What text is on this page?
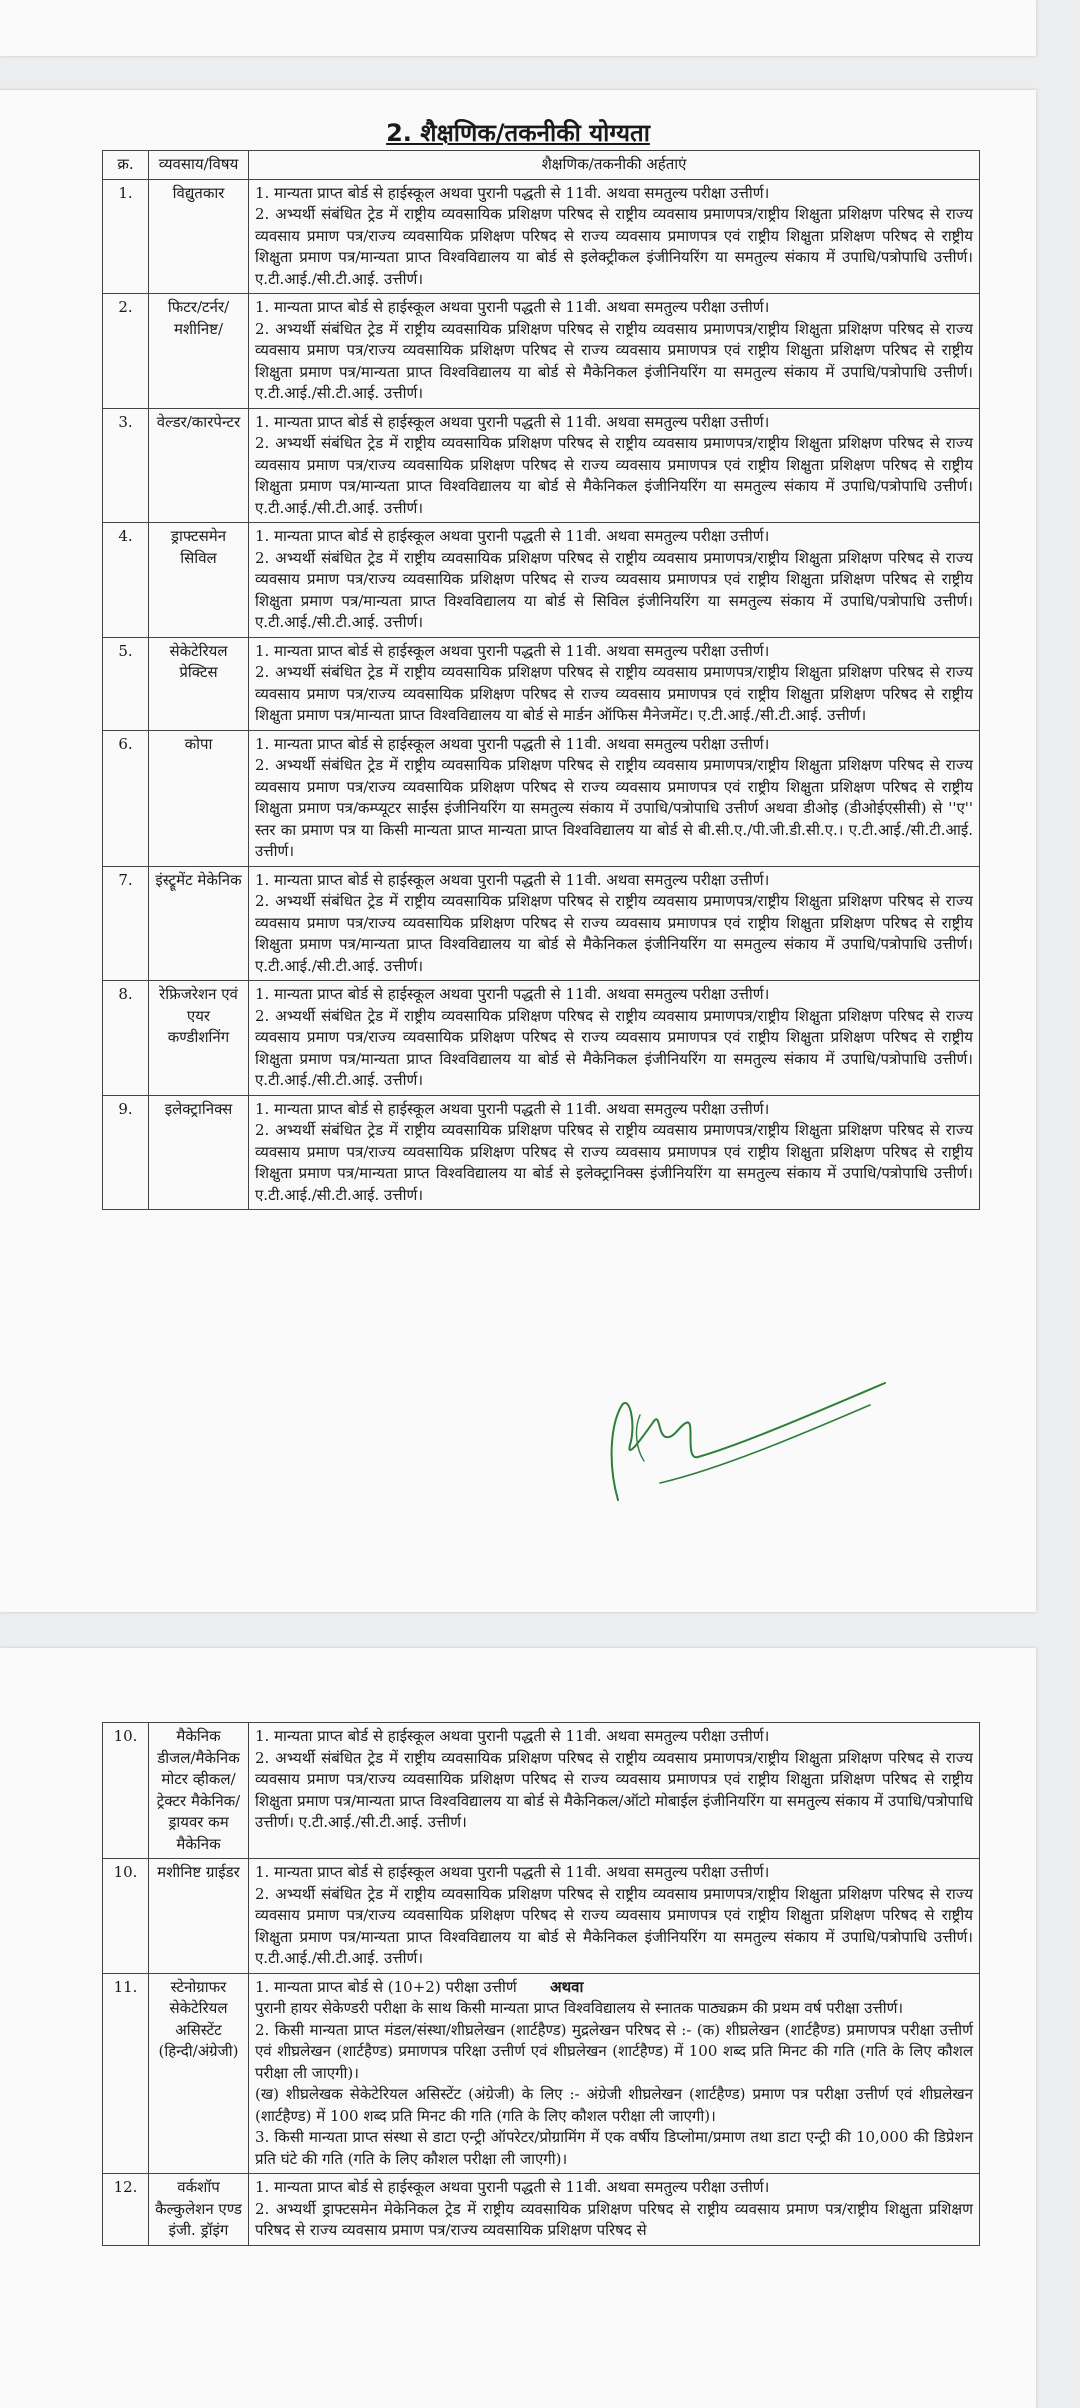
2. शैक्षणिक/तकनीकी योग्यता
क्र.	व्यवसाय/विषय	शैक्षणिक/तकनीकी अर्हताएं
1.	विद्युतकार	1. मान्यता प्राप्त बोर्ड से हाईस्कूल अथवा पुरानी पद्धती से 11वी. अथवा समतुल्य परीक्षा उत्तीर्ण।

2. अभ्यर्थी संबंधित ट्रेड में राष्ट्रीय व्यवसायिक प्रशिक्षण परिषद से राष्ट्रीय व्यवसाय प्रमाणपत्र/राष्ट्रीय शिक्षुता प्रशिक्षण परिषद से राज्य व्यवसाय प्रमाण पत्र/राज्य व्यवसायिक प्रशिक्षण परिषद से राज्य व्यवसाय प्रमाणपत्र एवं राष्ट्रीय शिक्षुता प्रशिक्षण परिषद से राष्ट्रीय शिक्षुता प्रमाण पत्र/मान्यता प्राप्त विश्वविद्यालय या बोर्ड से इलेक्ट्रीकल इंजीनियरिंग या समतुल्य संकाय में उपाधि/पत्रोपाधि उत्तीर्ण। ए.टी.आई./सी.टी.आई. उत्तीर्ण।

2.	फिटर/टर्नर/मशीनिष्ट/	1. मान्यता प्राप्त बोर्ड से हाईस्कूल अथवा पुरानी पद्धती से 11वी. अथवा समतुल्य परीक्षा उत्तीर्ण।

2. अभ्यर्थी संबंधित ट्रेड में राष्ट्रीय व्यवसायिक प्रशिक्षण परिषद से राष्ट्रीय व्यवसाय प्रमाणपत्र/राष्ट्रीय शिक्षुता प्रशिक्षण परिषद से राज्य व्यवसाय प्रमाण पत्र/राज्य व्यवसायिक प्रशिक्षण परिषद से राज्य व्यवसाय प्रमाणपत्र एवं राष्ट्रीय शिक्षुता प्रशिक्षण परिषद से राष्ट्रीय शिक्षुता प्रमाण पत्र/मान्यता प्राप्त विश्वविद्यालय या बोर्ड से मैकेनिकल इंजीनियरिंग या समतुल्य संकाय में उपाधि/पत्रोपाधि उत्तीर्ण। ए.टी.आई./सी.टी.आई. उत्तीर्ण।

3.	वेल्डर/कारपेन्टर	1. मान्यता प्राप्त बोर्ड से हाईस्कूल अथवा पुरानी पद्धती से 11वी. अथवा समतुल्य परीक्षा उत्तीर्ण।

2. अभ्यर्थी संबंधित ट्रेड में राष्ट्रीय व्यवसायिक प्रशिक्षण परिषद से राष्ट्रीय व्यवसाय प्रमाणपत्र/राष्ट्रीय शिक्षुता प्रशिक्षण परिषद से राज्य व्यवसाय प्रमाण पत्र/राज्य व्यवसायिक प्रशिक्षण परिषद से राज्य व्यवसाय प्रमाणपत्र एवं राष्ट्रीय शिक्षुता प्रशिक्षण परिषद से राष्ट्रीय शिक्षुता प्रमाण पत्र/मान्यता प्राप्त विश्वविद्यालय या बोर्ड से मैकेनिकल इंजीनियरिंग या समतुल्य संकाय में उपाधि/पत्रोपाधि उत्तीर्ण। ए.टी.आई./सी.टी.आई. उत्तीर्ण।

4.	ड्राफ्टसमेन सिविल	1. मान्यता प्राप्त बोर्ड से हाईस्कूल अथवा पुरानी पद्धती से 11वी. अथवा समतुल्य परीक्षा उत्तीर्ण।

2. अभ्यर्थी संबंधित ट्रेड में राष्ट्रीय व्यवसायिक प्रशिक्षण परिषद से राष्ट्रीय व्यवसाय प्रमाणपत्र/राष्ट्रीय शिक्षुता प्रशिक्षण परिषद से राज्य व्यवसाय प्रमाण पत्र/राज्य व्यवसायिक प्रशिक्षण परिषद से राज्य व्यवसाय प्रमाणपत्र एवं राष्ट्रीय शिक्षुता प्रशिक्षण परिषद से राष्ट्रीय शिक्षुता प्रमाण पत्र/मान्यता प्राप्त विश्वविद्यालय या बोर्ड से सिविल इंजीनियरिंग या समतुल्य संकाय में उपाधि/पत्रोपाधि उत्तीर्ण। ए.टी.आई./सी.टी.आई. उत्तीर्ण।

5.	सेकेटेरियल प्रेक्टिस	1. मान्यता प्राप्त बोर्ड से हाईस्कूल अथवा पुरानी पद्धती से 11वी. अथवा समतुल्य परीक्षा उत्तीर्ण।

2. अभ्यर्थी संबंधित ट्रेड में राष्ट्रीय व्यवसायिक प्रशिक्षण परिषद से राष्ट्रीय व्यवसाय प्रमाणपत्र/राष्ट्रीय शिक्षुता प्रशिक्षण परिषद से राज्य व्यवसाय प्रमाण पत्र/राज्य व्यवसायिक प्रशिक्षण परिषद से राज्य व्यवसाय प्रमाणपत्र एवं राष्ट्रीय शिक्षुता प्रशिक्षण परिषद से राष्ट्रीय शिक्षुता प्रमाण पत्र/मान्यता प्राप्त विश्वविद्यालय या बोर्ड से मार्डन ऑफिस मैनेजमेंट। ए.टी.आई./सी.टी.आई. उत्तीर्ण।

6.	कोपा	1. मान्यता प्राप्त बोर्ड से हाईस्कूल अथवा पुरानी पद्धती से 11वी. अथवा समतुल्य परीक्षा उत्तीर्ण।

2. अभ्यर्थी संबंधित ट्रेड में राष्ट्रीय व्यवसायिक प्रशिक्षण परिषद से राष्ट्रीय व्यवसाय प्रमाणपत्र/राष्ट्रीय शिक्षुता प्रशिक्षण परिषद से राज्य व्यवसाय प्रमाण पत्र/राज्य व्यवसायिक प्रशिक्षण परिषद से राज्य व्यवसाय प्रमाणपत्र एवं राष्ट्रीय शिक्षुता प्रशिक्षण परिषद से राष्ट्रीय शिक्षुता प्रमाण पत्र/कम्प्यूटर साईंस इंजीनियरिंग या समतुल्य संकाय में उपाधि/पत्रोपाधि उत्तीर्ण अथवा डीओइ (डीओईएसीसी) से ''ए'' स्तर का प्रमाण पत्र या किसी मान्यता प्राप्त मान्यता प्राप्त विश्वविद्यालय या बोर्ड से बी.सी.ए./पी.जी.डी.सी.ए.। ए.टी.आई./सी.टी.आई. उत्तीर्ण।

7.	इंस्ट्रूमेंट मेकेनिक	1. मान्यता प्राप्त बोर्ड से हाईस्कूल अथवा पुरानी पद्धती से 11वी. अथवा समतुल्य परीक्षा उत्तीर्ण।

2. अभ्यर्थी संबंधित ट्रेड में राष्ट्रीय व्यवसायिक प्रशिक्षण परिषद से राष्ट्रीय व्यवसाय प्रमाणपत्र/राष्ट्रीय शिक्षुता प्रशिक्षण परिषद से राज्य व्यवसाय प्रमाण पत्र/राज्य व्यवसायिक प्रशिक्षण परिषद से राज्य व्यवसाय प्रमाणपत्र एवं राष्ट्रीय शिक्षुता प्रशिक्षण परिषद से राष्ट्रीय शिक्षुता प्रमाण पत्र/मान्यता प्राप्त विश्वविद्यालय या बोर्ड से मैकेनिकल इंजीनियरिंग या समतुल्य संकाय में उपाधि/पत्रोपाधि उत्तीर्ण। ए.टी.आई./सी.टी.आई. उत्तीर्ण।

8.	रेफ्रिजरेशन एवं एयर कण्डीशनिंग	1. मान्यता प्राप्त बोर्ड से हाईस्कूल अथवा पुरानी पद्धती से 11वी. अथवा समतुल्य परीक्षा उत्तीर्ण।

2. अभ्यर्थी संबंधित ट्रेड में राष्ट्रीय व्यवसायिक प्रशिक्षण परिषद से राष्ट्रीय व्यवसाय प्रमाणपत्र/राष्ट्रीय शिक्षुता प्रशिक्षण परिषद से राज्य व्यवसाय प्रमाण पत्र/राज्य व्यवसायिक प्रशिक्षण परिषद से राज्य व्यवसाय प्रमाणपत्र एवं राष्ट्रीय शिक्षुता प्रशिक्षण परिषद से राष्ट्रीय शिक्षुता प्रमाण पत्र/मान्यता प्राप्त विश्वविद्यालय या बोर्ड से मैकेनिकल इंजीनियरिंग या समतुल्य संकाय में उपाधि/पत्रोपाधि उत्तीर्ण। ए.टी.आई./सी.टी.आई. उत्तीर्ण।

9.	इलेक्ट्रानिक्स	1. मान्यता प्राप्त बोर्ड से हाईस्कूल अथवा पुरानी पद्धती से 11वी. अथवा समतुल्य परीक्षा उत्तीर्ण।

2. अभ्यर्थी संबंधित ट्रेड में राष्ट्रीय व्यवसायिक प्रशिक्षण परिषद से राष्ट्रीय व्यवसाय प्रमाणपत्र/राष्ट्रीय शिक्षुता प्रशिक्षण परिषद से राज्य व्यवसाय प्रमाण पत्र/राज्य व्यवसायिक प्रशिक्षण परिषद से राज्य व्यवसाय प्रमाणपत्र एवं राष्ट्रीय शिक्षुता प्रशिक्षण परिषद से राष्ट्रीय शिक्षुता प्रमाण पत्र/मान्यता प्राप्त विश्वविद्यालय या बोर्ड से इलेक्ट्रानिक्स इंजीनियरिंग या समतुल्य संकाय में उपाधि/पत्रोपाधि उत्तीर्ण। ए.टी.आई./सी.टी.आई. उत्तीर्ण।

10.	मैकेनिक डीजल/मैकेनिक मोटर व्हीकल/ट्रेक्टर मैकेनिक/ड्रायवर कम मैकेनिक	1. मान्यता प्राप्त बोर्ड से हाईस्कूल अथवा पुरानी पद्धती से 11वी. अथवा समतुल्य परीक्षा उत्तीर्ण।

2. अभ्यर्थी संबंधित ट्रेड में राष्ट्रीय व्यवसायिक प्रशिक्षण परिषद से राष्ट्रीय व्यवसाय प्रमाणपत्र/राष्ट्रीय शिक्षुता प्रशिक्षण परिषद से राज्य व्यवसाय प्रमाण पत्र/राज्य व्यवसायिक प्रशिक्षण परिषद से राज्य व्यवसाय प्रमाणपत्र एवं राष्ट्रीय शिक्षुता प्रशिक्षण परिषद से राष्ट्रीय शिक्षुता प्रमाण पत्र/मान्यता प्राप्त विश्वविद्यालय या बोर्ड से मैकेनिकल/ऑटो मोबाईल इंजीनियरिंग या समतुल्य संकाय में उपाधि/पत्रोपाधि उत्तीर्ण। ए.टी.आई./सी.टी.आई. उत्तीर्ण।

10.	मशीनिष्ट ग्राईडर	1. मान्यता प्राप्त बोर्ड से हाईस्कूल अथवा पुरानी पद्धती से 11वी. अथवा समतुल्य परीक्षा उत्तीर्ण।

2. अभ्यर्थी संबंधित ट्रेड में राष्ट्रीय व्यवसायिक प्रशिक्षण परिषद से राष्ट्रीय व्यवसाय प्रमाणपत्र/राष्ट्रीय शिक्षुता प्रशिक्षण परिषद से राज्य व्यवसाय प्रमाण पत्र/राज्य व्यवसायिक प्रशिक्षण परिषद से राज्य व्यवसाय प्रमाणपत्र एवं राष्ट्रीय शिक्षुता प्रशिक्षण परिषद से राष्ट्रीय शिक्षुता प्रमाण पत्र/मान्यता प्राप्त विश्वविद्यालय या बोर्ड से मैकेनिकल इंजीनियरिंग या समतुल्य संकाय में उपाधि/पत्रोपाधि उत्तीर्ण। ए.टी.आई./सी.टी.आई. उत्तीर्ण।

11.	स्टेनोग्राफर सेकेटेरियल असिस्टेंट (हिन्दी/अंग्रेजी)	1. मान्यता प्राप्त बोर्ड से (10+2) परीक्षा उत्तीर्ण अथवा

पुरानी हायर सेकेण्डरी परीक्षा के साथ किसी मान्यता प्राप्त विश्वविद्यालय से स्नातक पाठ्यक्रम की प्रथम वर्ष परीक्षा उत्तीर्ण।

2. किसी मान्यता प्राप्त मंडल/संस्था/शीघ्रलेखन (शार्टहैण्ड) मुद्रलेखन परिषद से :- (क) शीघ्रलेखन (शार्टहैण्ड) प्रमाणपत्र परीक्षा उत्तीर्ण एवं शीघ्रलेखन (शार्टहैण्ड) प्रमाणपत्र परिक्षा उत्तीर्ण एवं शीघ्रलेखन (शार्टहैण्ड) में 100 शब्द प्रति मिनट की गति (गति के लिए कौशल परीक्षा ली जाएगी)।

(ख) शीघ्रलेखक सेकेटेरियल असिस्टेंट (अंग्रेजी) के लिए :- अंग्रेजी शीघ्रलेखन (शार्टहैण्ड) प्रमाण पत्र परीक्षा उत्तीर्ण एवं शीघ्रलेखन (शार्टहैण्ड) में 100 शब्द प्रति मिनट की गति (गति के लिए कौशल परीक्षा ली जाएगी)।

3. किसी मान्यता प्राप्त संस्था से डाटा एन्ट्री ऑपरेटर/प्रोग्रामिंग में एक वर्षीय डिप्लोमा/प्रमाण तथा डाटा एन्ट्री की 10,000 की डिप्रेशन प्रति घंटे की गति (गति के लिए कौशल परीक्षा ली जाएगी)।

12.	वर्कशॉप कैल्कुलेशन एण्ड इंजी. ड्रॉइंग	1. मान्यता प्राप्त बोर्ड से हाईस्कूल अथवा पुरानी पद्धती से 11वी. अथवा समतुल्य परीक्षा उत्तीर्ण।

2. अभ्यर्थी ड्राफ्टसमेन मेकेनिकल ट्रेड में राष्ट्रीय व्यवसायिक प्रशिक्षण परिषद से राष्ट्रीय व्यवसाय प्रमाण पत्र/राष्ट्रीय शिक्षुता प्रशिक्षण परिषद से राज्य व्यवसाय प्रमाण पत्र/राज्य व्यवसायिक प्रशिक्षण परिषद से
